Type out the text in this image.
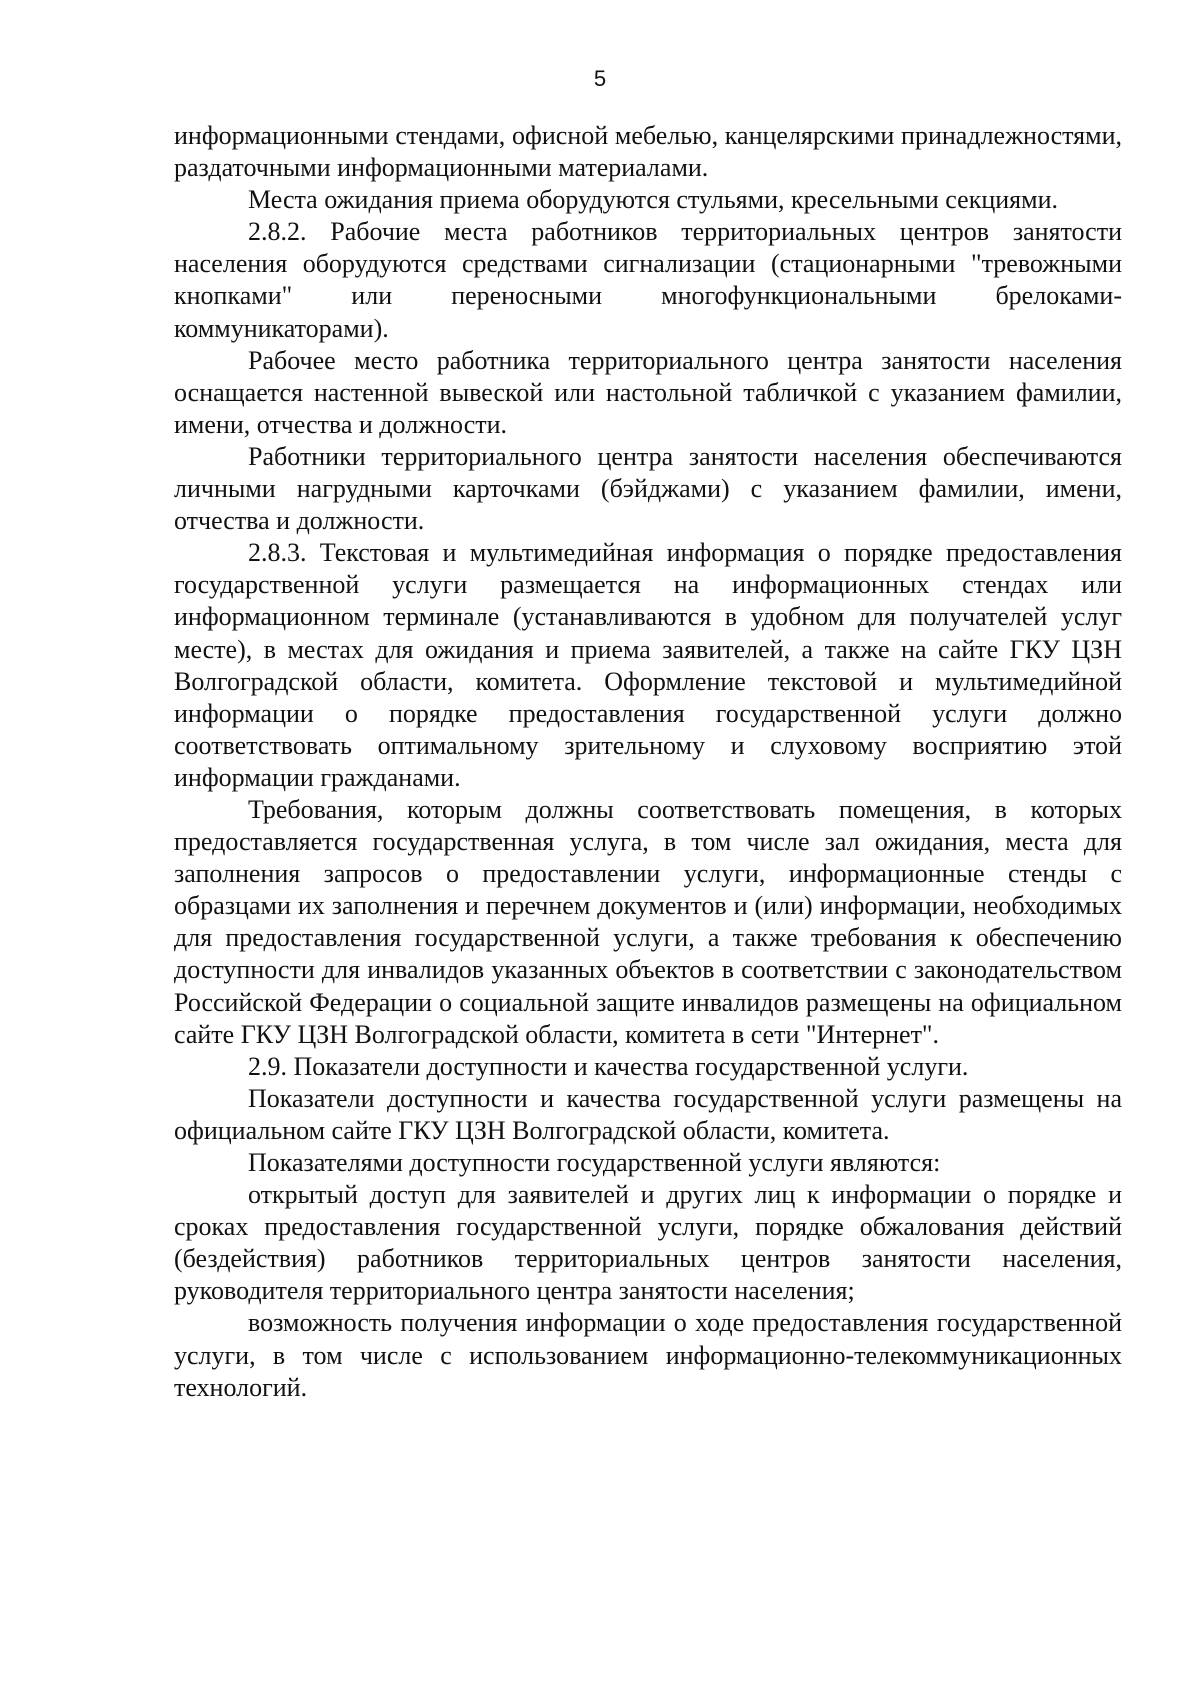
5

информационными стендами, офисной мебелью, канцелярскими принадлежностями, раздаточными информационными материалами.

Места ожидания приема оборудуются стульями, кресельными секциями.

2.8.2. Рабочие места работников территориальных центров занятости населения оборудуются средствами сигнализации (стационарными "тревожными кнопками" или переносными многофункциональными брелоками-коммуникаторами).

Рабочее место работника территориального центра занятости населения оснащается настенной вывеской или настольной табличкой с указанием фамилии, имени, отчества и должности.

Работники территориального центра занятости населения обеспечиваются личными нагрудными карточками (бэйджами) с указанием фамилии, имени, отчества и должности.

2.8.3. Текстовая и мультимедийная информация о порядке предоставления государственной услуги размещается на информационных стендах или информационном терминале (устанавливаются в удобном для получателей услуг месте), в местах для ожидания и приема заявителей, а также на сайте ГКУ ЦЗН Волгоградской области, комитета. Оформление текстовой и мультимедийной информации о порядке предоставления государственной услуги должно соответствовать оптимальному зрительному и слуховому восприятию этой информации гражданами.

Требования, которым должны соответствовать помещения, в которых предоставляется государственная услуга, в том числе зал ожидания, места для заполнения запросов о предоставлении услуги, информационные стенды с образцами их заполнения и перечнем документов и (или) информации, необходимых для предоставления государственной услуги, а также требования к обеспечению доступности для инвалидов указанных объектов в соответствии с законодательством Российской Федерации о социальной защите инвалидов размещены на официальном сайте ГКУ ЦЗН Волгоградской области, комитета в сети "Интернет".

2.9. Показатели доступности и качества государственной услуги.

Показатели доступности и качества государственной услуги размещены на официальном сайте ГКУ ЦЗН Волгоградской области, комитета.

Показателями доступности государственной услуги являются:

открытый доступ для заявителей и других лиц к информации о порядке и сроках предоставления государственной услуги, порядке обжалования действий (бездействия) работников территориальных центров занятости населения, руководителя территориального центра занятости населения;

возможность получения информации о ходе предоставления государственной услуги, в том числе с использованием информационно-телекоммуникационных технологий.
